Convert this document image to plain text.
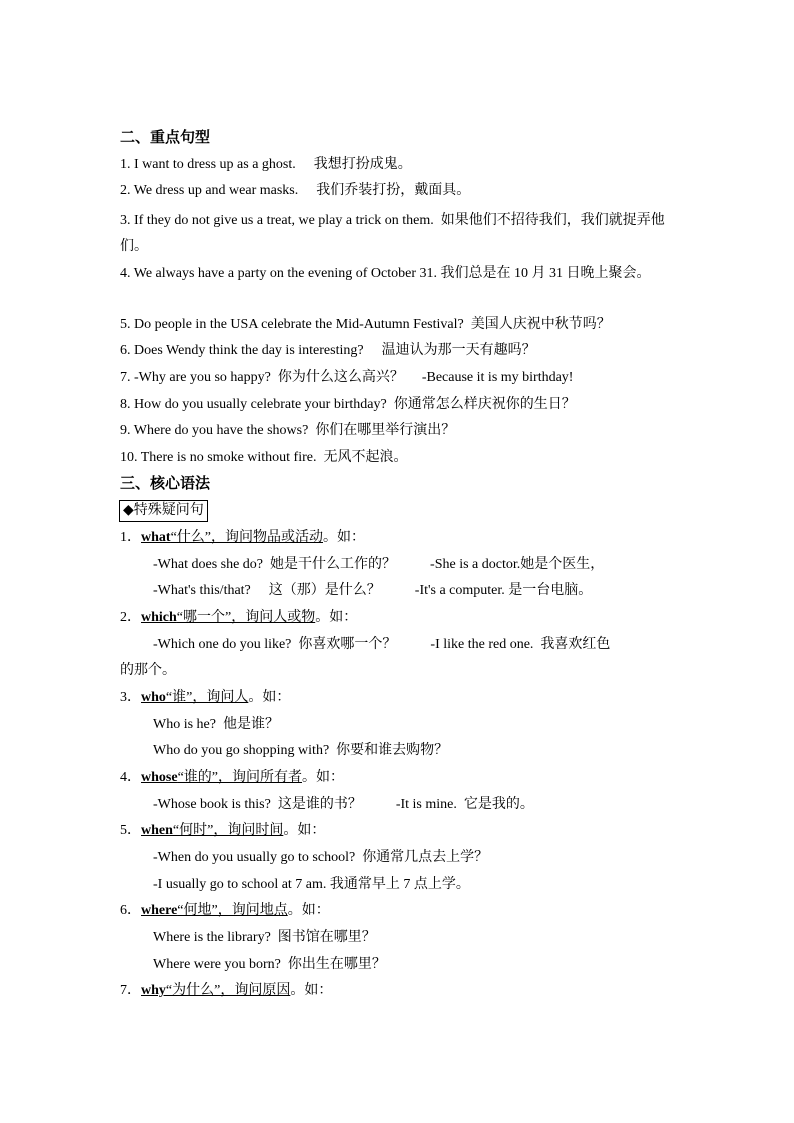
二、重点句型
1. I want to dress up as a ghost. 我想打扮成鬼。
2. We dress up and wear masks. 我们乔装打扮，戴面具。
3. If they do not give us a treat, we play a trick on them. 如果他们不招待我们，我们就捉弄他们。
4. We always have a party on the evening of October 31. 我们总是在 10 月 31 日晚上聚会。
5. Do people in the USA celebrate the Mid-Autumn Festival? 美国人庆祝中秋节吗？
6. Does Wendy think the day is interesting? 温迪认为那一天有趣吗？
7. -Why are you so happy? 你为什么这么高兴？ -Because it is my birthday!
8. How do you usually celebrate your birthday? 你通常怎么样庆祝你的生日？
9. Where do you have the shows? 你们在哪里举行演出？
10. There is no smoke without fire. 无风不起浪。
三、核心语法
◆特殊疑问句
1．what“什么”，询问物品或活动。如：
-What does she do? 她是干什么工作的？ -She is a doctor.她是个医生，
-What's this/that? 这（那）是什么？ -It's a computer. 是一台电脑。
2．which“哪一个”，询问人或物。如：
-Which one do you like? 你喜欢哪一个？ -I like the red one. 我喜欢红色
的那个。
3．who“谁”，询问人。如：
Who is he? 他是谁？
Who do you go shopping with? 你要和谁去购物？
4．whose“谁的”，询问所有者。如：
-Whose book is this? 这是谁的书？ -It is mine. 它是我的。
5．when“何时”，询问时间。如：
-When do you usually go to school? 你通常几点去上学？
-I usually go to school at 7 am. 我通常早上 7 点上学。
6．where“何地”，询问地点。如：
Where is the library? 图书馆在哪里？
Where were you born? 你出生在哪里？
7．why“为什么”，询问原因。如：
